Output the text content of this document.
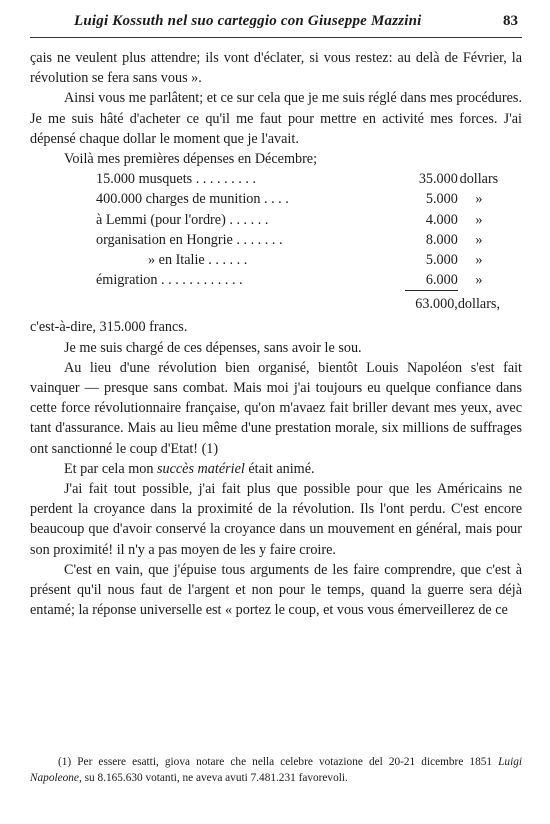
Luigi Kossuth nel suo carteggio con Giuseppe Mazzini	83

çais ne veulent plus attendre; ils vont d'éclater, si vous restez: au delà de Février, la révolution se fera sans vous ».

Ainsi vous me parlâtent; et ce sur cela que je me suis réglé dans mes procédures. Je me suis hâté d'acheter ce qu'il me faut pour mettre en activité mes forces. J'ai dépensé chaque dollar le moment que je l'avait.

Voilà mes premières dépenses en Décembre;

15.000 musquets . . . . . . . . .	35.000	dollars
400.000 charges de munition . . . .	5.000	»
à Lemmi (pour l'ordre) . . . . . .	4.000	»
organisation en Hongrie . . . . . . .	8.000	»
» en Italie . . . . . .	5.000	»
émigration . . . . . . . . . . . .	6.000	»
	63.000,	dollars,

c'est-à-dire, 315.000 francs.

Je me suis chargé de ces dépenses, sans avoir le sou.

Au lieu d'une révolution bien organisé, bientôt Louis Napoléon s'est fait vainquer — presque sans combat. Mais moi j'ai toujours eu quelque confiance dans cette force révolutionnaire française, qu'on m'avaez fait briller devant mes yeux, avec tant d'assurance. Mais au lieu même d'une prestation morale, six millions de suffrages ont sanctionné le coup d'Etat! (1)

Et par cela mon succès matériel était animé.

J'ai fait tout possible, j'ai fait plus que possible pour que les Américains ne perdent la croyance dans la proximité de la révolution. Ils l'ont perdu. C'est encore beaucoup que d'avoir conservé la croyance dans un mouvement en général, mais pour son proximité! il n'y a pas moyen de les y faire croire.

C'est en vain, que j'épuise tous arguments de les faire comprendre, que c'est à présent qu'il nous faut de l'argent et non pour le temps, quand la guerre sera déjà entamé; la réponse universelle est « portez le coup, et vous vous émerveillerez de ce

(1) Per essere esatti, giova notare che nella celebre votazione del 20-21 dicembre 1851 Luigi Napoleone, su 8.165.630 votanti, ne aveva avuti 7.481.231 favorevoli.
